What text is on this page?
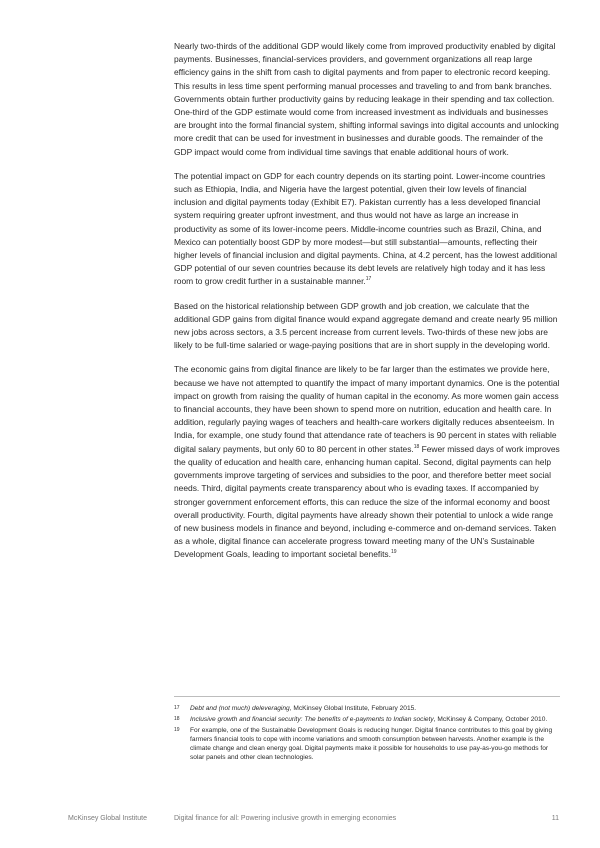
Nearly two-thirds of the additional GDP would likely come from improved productivity enabled by digital payments. Businesses, financial-services providers, and government organizations all reap large efficiency gains in the shift from cash to digital payments and from paper to electronic record keeping. This results in less time spent performing manual processes and traveling to and from bank branches. Governments obtain further productivity gains by reducing leakage in their spending and tax collection. One-third of the GDP estimate would come from increased investment as individuals and businesses are brought into the formal financial system, shifting informal savings into digital accounts and unlocking more credit that can be used for investment in businesses and durable goods. The remainder of the GDP impact would come from individual time savings that enable additional hours of work.

The potential impact on GDP for each country depends on its starting point. Lower-income countries such as Ethiopia, India, and Nigeria have the largest potential, given their low levels of financial inclusion and digital payments today (Exhibit E7). Pakistan currently has a less developed financial system requiring greater upfront investment, and thus would not have as large an increase in productivity as some of its lower-income peers. Middle-income countries such as Brazil, China, and Mexico can potentially boost GDP by more modest—but still substantial—amounts, reflecting their higher levels of financial inclusion and digital payments. China, at 4.2 percent, has the lowest additional GDP potential of our seven countries because its debt levels are relatively high today and it has less room to grow credit further in a sustainable manner.$^{17}$

Based on the historical relationship between GDP growth and job creation, we calculate that the additional GDP gains from digital finance would expand aggregate demand and create nearly 95 million new jobs across sectors, a 3.5 percent increase from current levels. Two-thirds of these new jobs are likely to be full-time salaried or wage-paying positions that are in short supply in the developing world.

The economic gains from digital finance are likely to be far larger than the estimates we provide here, because we have not attempted to quantify the impact of many important dynamics. One is the potential impact on growth from raising the quality of human capital in the economy. As more women gain access to financial accounts, they have been shown to spend more on nutrition, education and health care. In addition, regularly paying wages of teachers and health-care workers digitally reduces absenteeism. In India, for example, one study found that attendance rate of teachers is 90 percent in states with reliable digital salary payments, but only 60 to 80 percent in other states.$^{18}$ Fewer missed days of work improves the quality of education and health care, enhancing human capital. Second, digital payments can help governments improve targeting of services and subsidies to the poor, and therefore better meet social needs. Third, digital payments create transparency about who is evading taxes. If accompanied by stronger government enforcement efforts, this can reduce the size of the informal economy and boost overall productivity. Fourth, digital payments have already shown their potential to unlock a wide range of new business models in finance and beyond, including e-commerce and on-demand services. Taken as a whole, digital finance can accelerate progress toward meeting many of the UN’s Sustainable Development Goals, leading to important societal benefits.$^{19}$

17	Debt and (not much) deleveraging, McKinsey Global Institute, February 2015.
18	Inclusive growth and financial security: The benefits of e-payments to Indian society, McKinsey & Company, October 2010.
19	For example, one of the Sustainable Development Goals is reducing hunger. Digital finance contributes to this goal by giving farmers financial tools to cope with income variations and smooth consumption between harvests. Another example is the climate change and clean energy goal. Digital payments make it possible for households to use pay-as-you-go methods for solar panels and other clean technologies.
McKinsey Global Institute	Digital finance for all: Powering inclusive growth in emerging economies	11
